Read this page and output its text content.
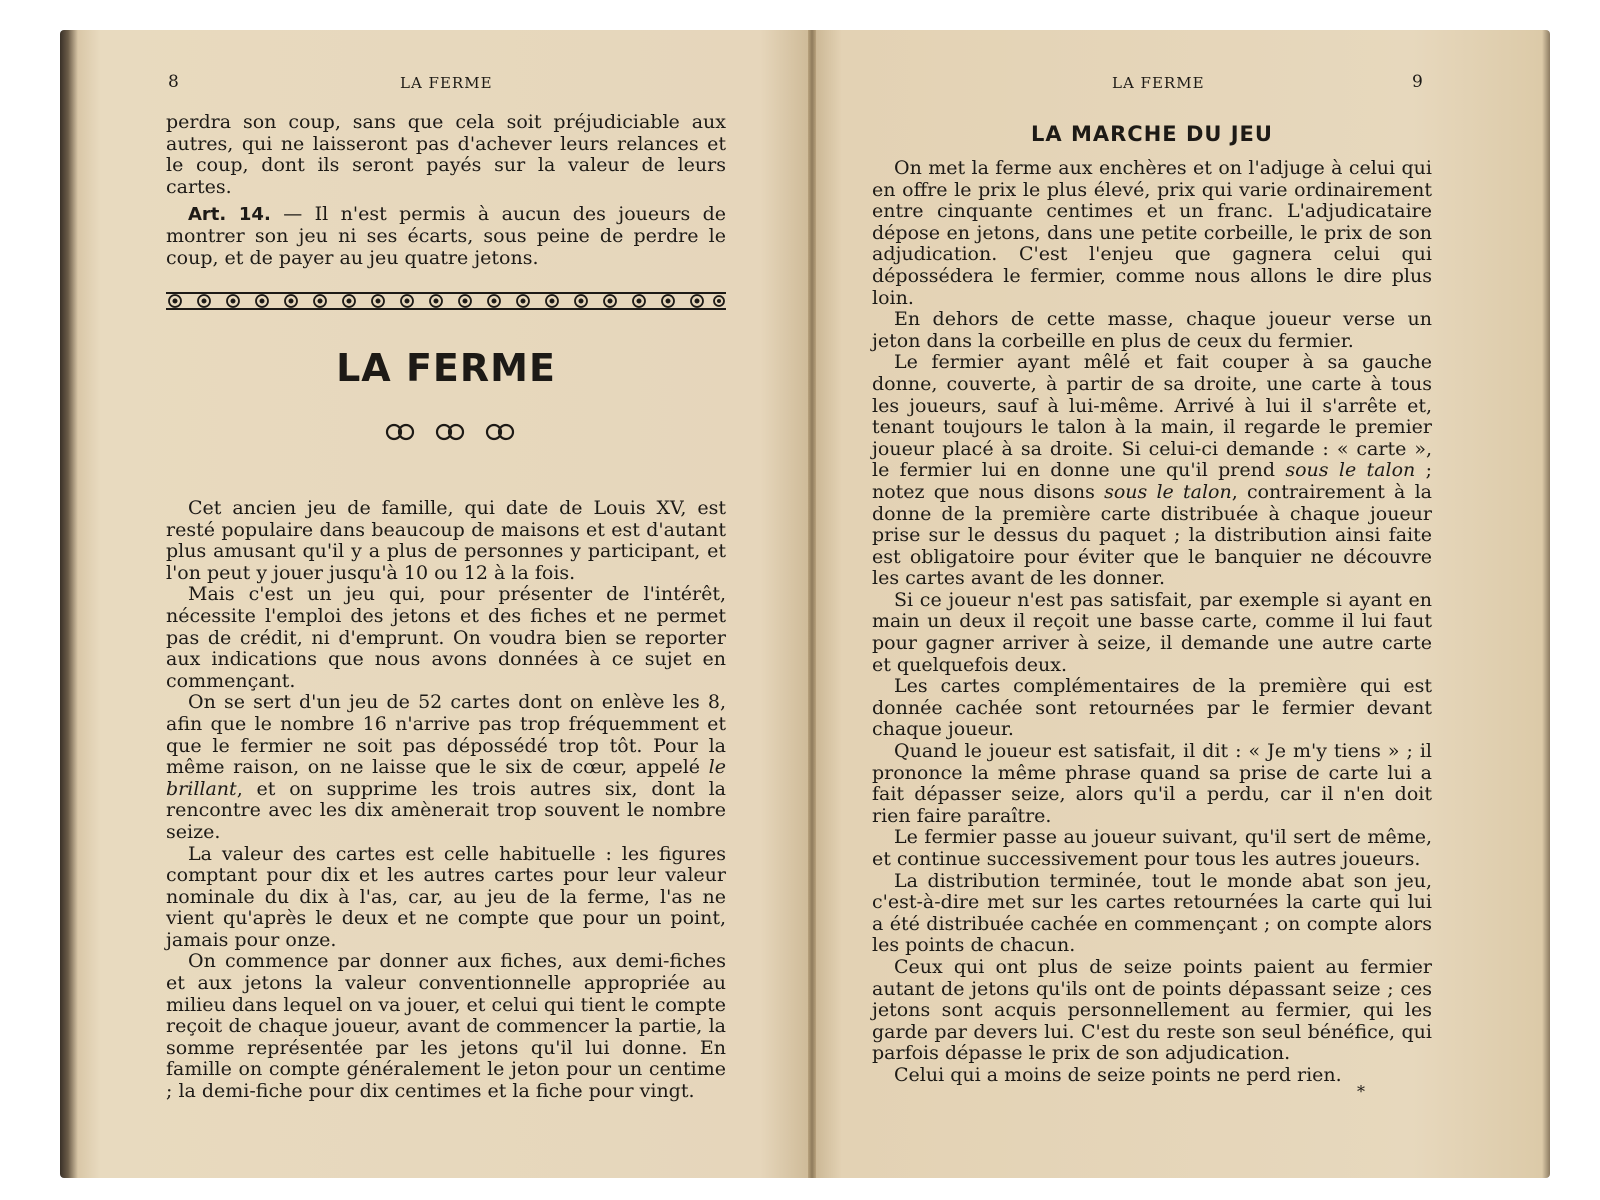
8	LA FERME

perdra son coup, sans que cela soit préjudiciable aux autres, qui ne laisseront pas d'achever leurs relances et le coup, dont ils seront payés sur la valeur de leurs cartes.

Art. 14. — Il n'est permis à aucun des joueurs de montrer son jeu ni ses écarts, sous peine de perdre le coup, et de payer au jeu quatre jetons.

LA FERME

Cet ancien jeu de famille, qui date de Louis XV, est resté populaire dans beaucoup de maisons et est d'autant plus amusant qu'il y a plus de personnes y participant, et l'on peut y jouer jusqu'à 10 ou 12 à la fois.

Mais c'est un jeu qui, pour présenter de l'intérêt, nécessite l'emploi des jetons et des fiches et ne permet pas de crédit, ni d'emprunt. On voudra bien se reporter aux indications que nous avons données à ce sujet en commençant.

On se sert d'un jeu de 52 cartes dont on enlève les 8, afin que le nombre 16 n'arrive pas trop fréquemment et que le fermier ne soit pas dépossédé trop tôt. Pour la même raison, on ne laisse que le six de cœur, appelé le brillant, et on supprime les trois autres six, dont la rencontre avec les dix amènerait trop souvent le nombre seize.

La valeur des cartes est celle habituelle : les figures comptant pour dix et les autres cartes pour leur valeur nominale du dix à l'as, car, au jeu de la ferme, l'as ne vient qu'après le deux et ne compte que pour un point, jamais pour onze.

On commence par donner aux fiches, aux demi-fiches et aux jetons la valeur conventionnelle appropriée au milieu dans lequel on va jouer, et celui qui tient le compte reçoit de chaque joueur, avant de commencer la partie, la somme représentée par les jetons qu'il lui donne. En famille on compte généralement le jeton pour un centime ; la demi-fiche pour dix centimes et la fiche pour vingt.

LA FERME	9
LA MARCHE DU JEU

On met la ferme aux enchères et on l'adjuge à celui qui en offre le prix le plus élevé, prix qui varie ordinairement entre cinquante centimes et un franc. L'adjudicataire dépose en jetons, dans une petite corbeille, le prix de son adjudication. C'est l'enjeu que gagnera celui qui dépossédera le fermier, comme nous allons le dire plus loin.

En dehors de cette masse, chaque joueur verse un jeton dans la corbeille en plus de ceux du fermier.

Le fermier ayant mêlé et fait couper à sa gauche donne, couverte, à partir de sa droite, une carte à tous les joueurs, sauf à lui-même. Arrivé à lui il s'arrête et, tenant toujours le talon à la main, il regarde le premier joueur placé à sa droite. Si celui-ci demande : « carte », le fermier lui en donne une qu'il prend sous le talon ; notez que nous disons sous le talon, contrairement à la donne de la première carte distribuée à chaque joueur prise sur le dessus du paquet ; la distribution ainsi faite est obligatoire pour éviter que le banquier ne découvre les cartes avant de les donner.

Si ce joueur n'est pas satisfait, par exemple si ayant en main un deux il reçoit une basse carte, comme il lui faut pour gagner arriver à seize, il demande une autre carte et quelquefois deux.

Les cartes complémentaires de la première qui est donnée cachée sont retournées par le fermier devant chaque joueur.

Quand le joueur est satisfait, il dit : « Je m'y tiens » ; il prononce la même phrase quand sa prise de carte lui a fait dépasser seize, alors qu'il a perdu, car il n'en doit rien faire paraître.

Le fermier passe au joueur suivant, qu'il sert de même, et continue successivement pour tous les autres joueurs.

La distribution terminée, tout le monde abat son jeu, c'est-à-dire met sur les cartes retournées la carte qui lui a été distribuée cachée en commençant ; on compte alors les points de chacun.

Ceux qui ont plus de seize points paient au fermier autant de jetons qu'ils ont de points dépassant seize ; ces jetons sont acquis personnellement au fermier, qui les garde par devers lui. C'est du reste son seul bénéfice, qui parfois dépasse le prix de son adjudication.

Celui qui a moins de seize points ne perd rien.

*
